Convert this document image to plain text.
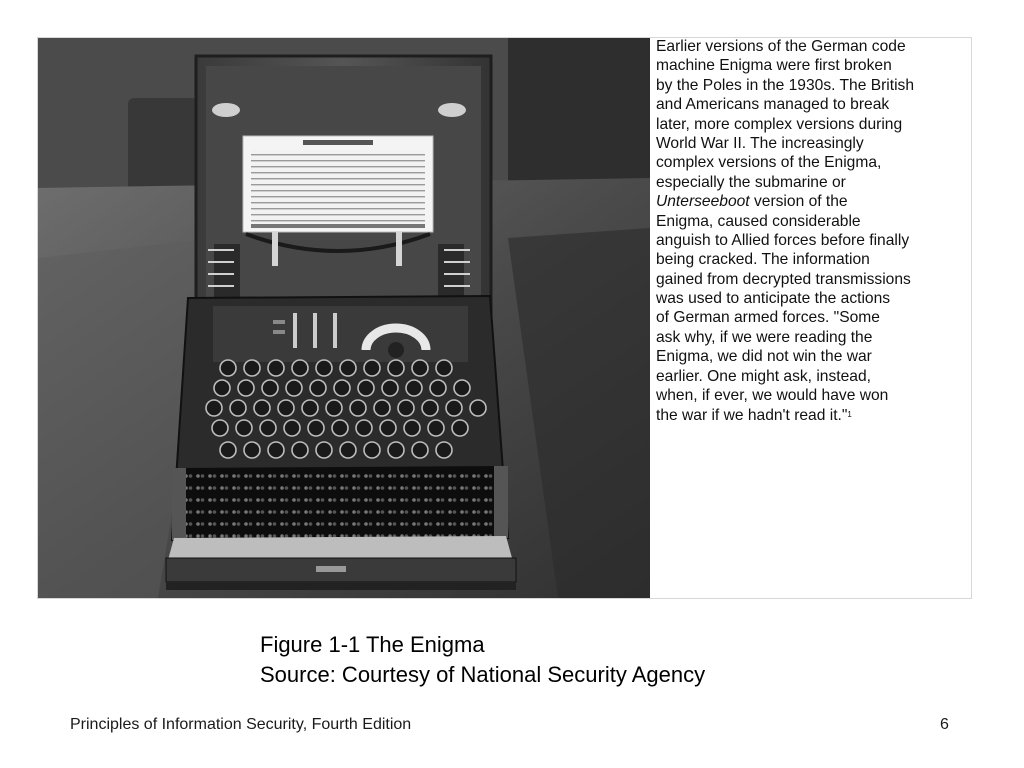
Earlier versions of the German code
machine Enigma were first broken
by the Poles in the 1930s. The British
and Americans managed to break
later, more complex versions during
World War II. The increasingly
complex versions of the Enigma,
especially the submarine or
Unterseeboot version of the
Enigma, caused considerable
anguish to Allied forces before finally
being cracked. The information
gained from decrypted transmissions
was used to anticipate the actions
of German armed forces. "Some
ask why, if we were reading the
Enigma, we did not win the war
earlier. One might ask, instead,
when, if ever, we would have won
the war if we hadn't read it."$^1$
Figure 1-1 The Enigma
Source: Courtesy of National Security Agency
Principles of Information Security, Fourth Edition	6
